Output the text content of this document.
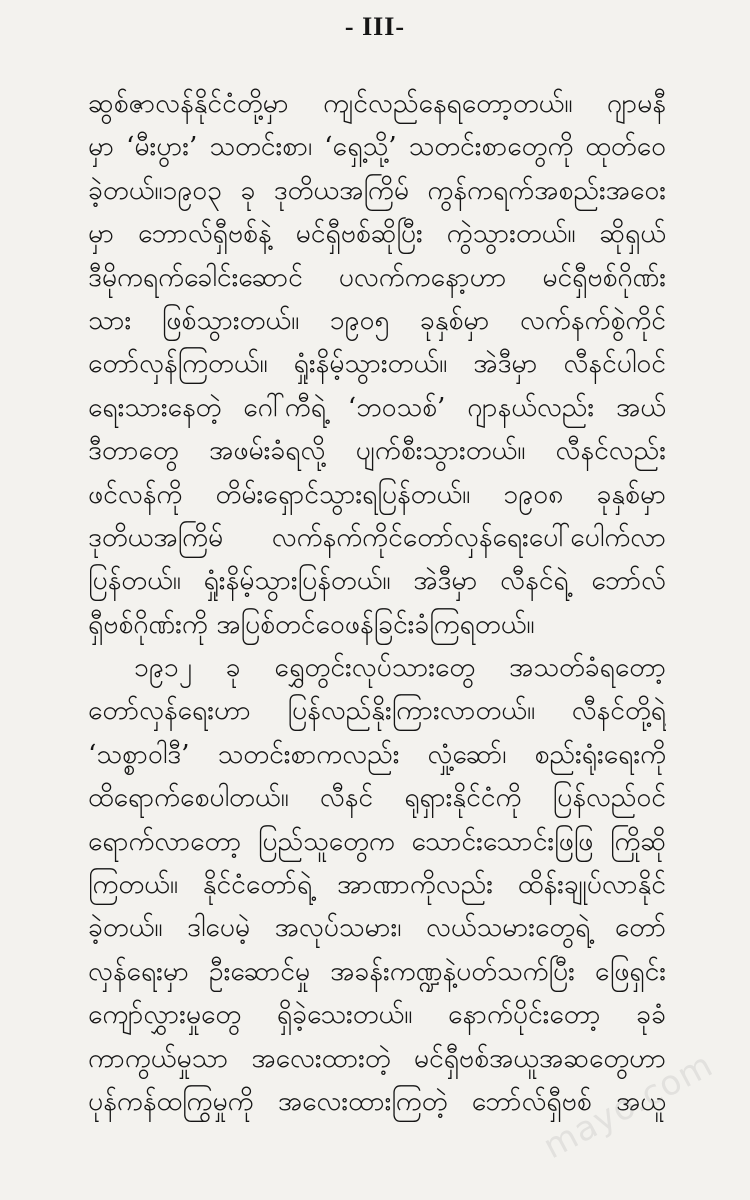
- III-
ဆွစ်ဇာလန်နိုင်ငံတို့မှာ ကျင်လည်နေရတော့တယ်။ ဂျာမနီ
မှာ ‘မီးပွား’ သတင်းစာ၊ ‘ရှေ့သို့’ သတင်းစာတွေကို ထုတ်ဝေ
ခဲ့တယ်။၁၉၀၃ ခု ဒုတိယအကြိမ် ကွန်ကရက်အစည်းအဝေး
မှာ ဘောလ်ရှီဗစ်နဲ့ မင်ရှီဗစ်ဆိုပြီး ကွဲသွားတယ်။ ဆိုရှယ်
ဒီမိုကရက်ခေါင်းဆောင် ပလက်ကနော့ဟာ မင်ရှီဗစ်ဂိုဏ်း
သား ဖြစ်သွားတယ်။ ၁၉၀၅ ခုနှစ်မှာ လက်နက်စွဲကိုင်
တော်လှန်ကြတယ်။ ရှုံးနိမ့်သွားတယ်။ အဲဒီမှာ လီနင်ပါဝင်
ရေးသားနေတဲ့ ဂေါ်ကီရဲ့ ‘ဘဝသစ်’ ဂျာနယ်လည်း အယ်
ဒီတာတွေ အဖမ်းခံရလို့ ပျက်စီးသွားတယ်။ လီနင်လည်း
ဖင်လန်ကို တိမ်းရှောင်သွားရပြန်တယ်။ ၁၉၀၈ ခုနှစ်မှာ
ဒုတိယအကြိမ် လက်နက်ကိုင်တော်လှန်ရေးပေါ်ပေါက်လာ
ပြန်တယ်။ ရှုံးနိမ့်သွားပြန်တယ်။ အဲဒီမှာ လီနင်ရဲ့ ဘော်လ်
ရှီဗစ်ဂိုဏ်းကို အပြစ်တင်ဝေဖန်ခြင်းခံကြရတယ်။
၁၉၁၂ ခု ရွှေတွင်းလုပ်သားတွေ အသတ်ခံရတော့
တော်လှန်ရေးဟာ ပြန်လည်နိုးကြားလာတယ်။ လီနင်တို့ရဲ့
‘သစ္စာဝါဒီ’ သတင်းစာကလည်း လှုံ့ဆော်၊ စည်းရုံးရေးကို
ထိရောက်စေပါတယ်။ လီနင် ရုရှားနိုင်ငံကို ပြန်လည်ဝင်
ရောက်လာတော့ ပြည်သူတွေက သောင်းသောင်းဖြဖြ ကြိုဆို
ကြတယ်။ နိုင်ငံတော်ရဲ့ အာဏာကိုလည်း ထိန်းချုပ်လာနိုင်
ခဲ့တယ်။ ဒါပေမဲ့ အလုပ်သမား၊ လယ်သမားတွေရဲ့ တော်
လှန်ရေးမှာ ဦးဆောင်မှု အခန်းကဏ္ဍနဲ့ပတ်သက်ပြီး ဖြေရှင်း
ကျော်လွှားမှုတွေ ရှိခဲ့သေးတယ်။ နောက်ပိုင်းတော့ ခုခံ
ကာကွယ်မှုသာ အလေးထားတဲ့ မင်ရှီဗစ်အယူအဆတွေဟာ
ပုန်ကန်ထကြွမှုကို အလေးထားကြတဲ့ ဘော်လ်ရှီဗစ် အယူ
mayo.com
